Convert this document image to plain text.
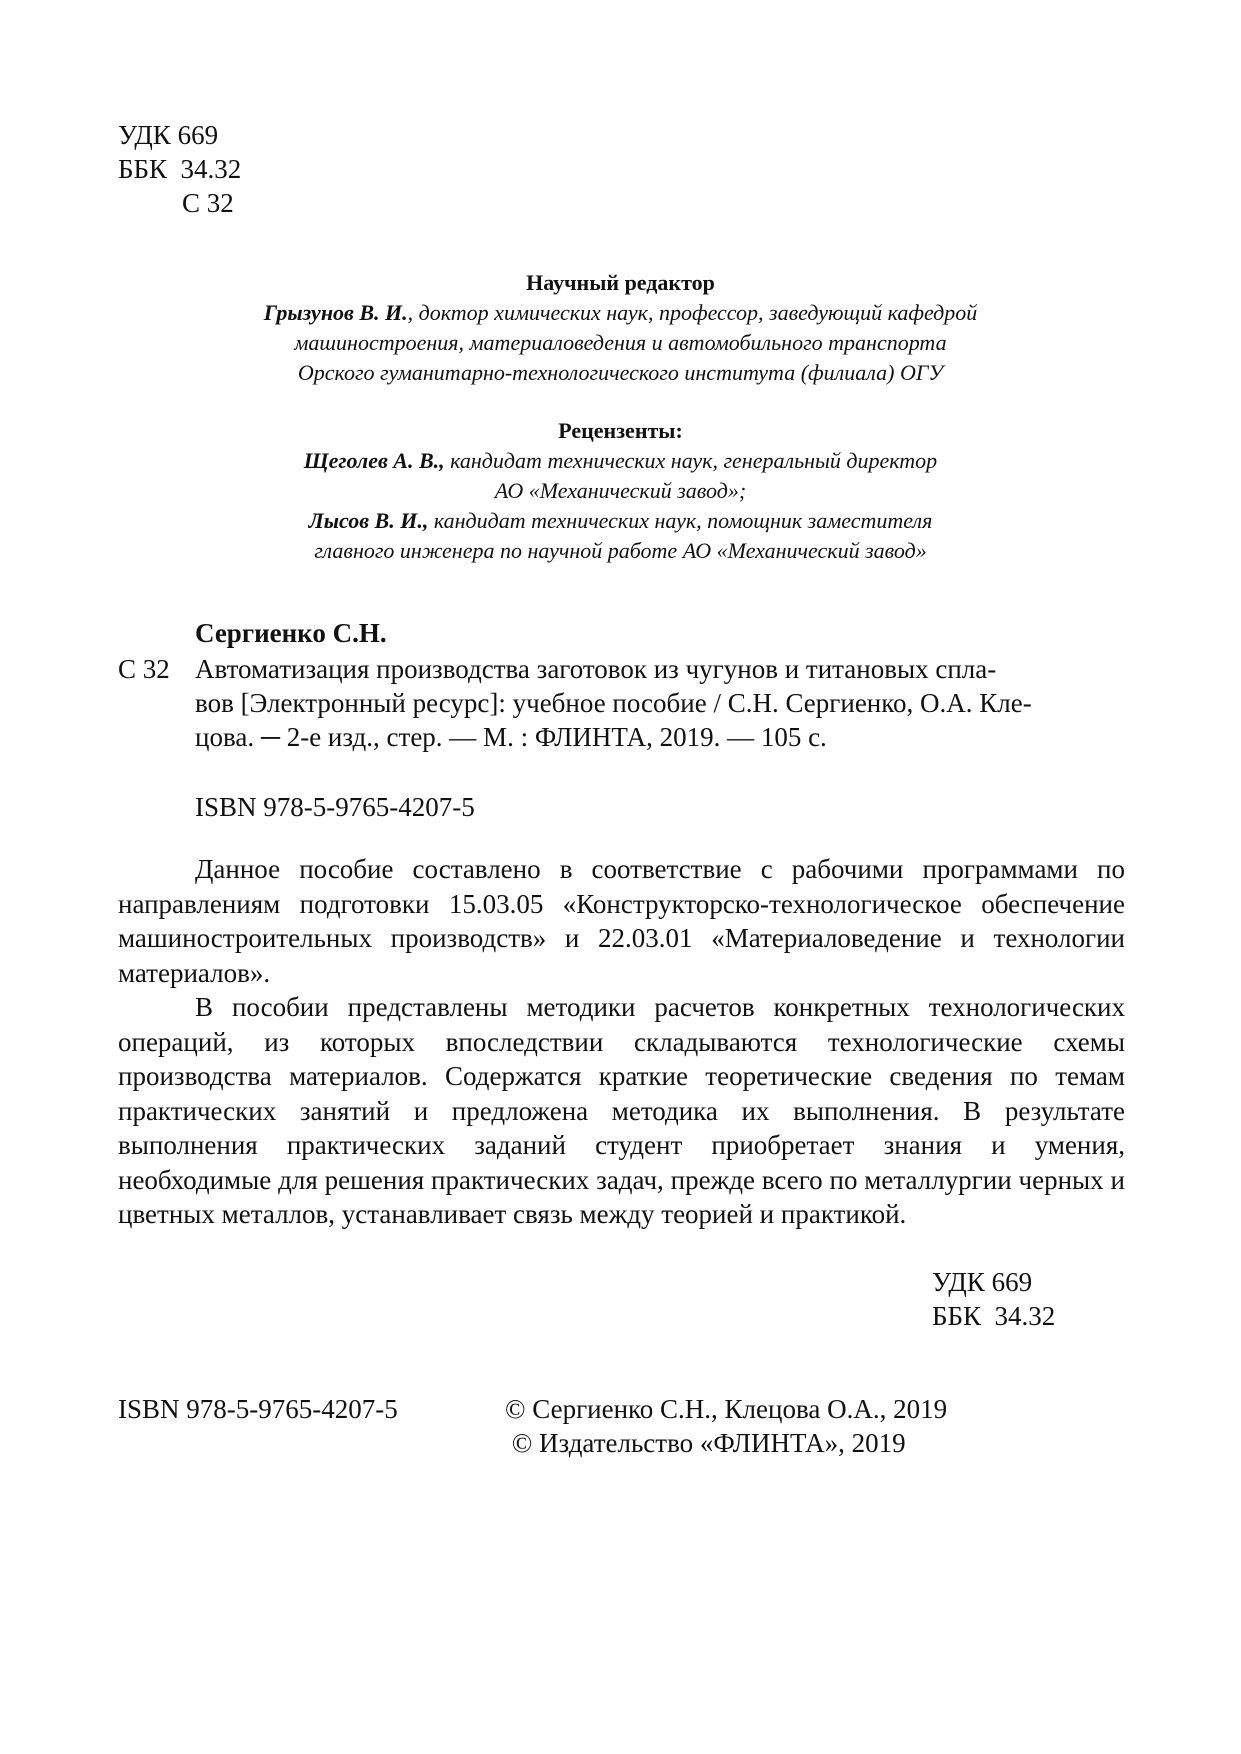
УДК 669
ББК  34.32
С 32
Научный редактор
Грызунов В. И., доктор химических наук, профессор, заведующий кафедрой
машиностроения, материаловедения и автомобильного транспорта
Орского гуманитарно-технологического института (филиала) ОГУ
Рецензенты:
Щеголев А. В., кандидат технических наук, генеральный директор
АО «Механический завод»;
Лысов В. И., кандидат технических наук, помощник заместителя
главного инженера по научной работе АО «Механический завод»
Сергиенко С.Н.
С 32 Автоматизация производства заготовок из чугунов и титановых спла-
вов [Электронный ресурс]: учебное пособие / С.Н. Сергиенко, О.А. Кле-
цова. ─ 2-е изд., стер. — М. : ФЛИНТА, 2019. — 105 с.
ISBN 978-5-9765-4207-5

Данное пособие составлено в соответствие с рабочими программами по направлениям подготовки 15.03.05 «Конструкторско-технологическое обеспечение машиностроительных производств» и 22.03.01 «Материаловедение и технологии материалов».

В пособии представлены методики расчетов конкретных технологических операций, из которых впоследствии складываются технологические схемы производства материалов. Содержатся краткие теоретические сведения по темам практических занятий и предложена методика их выполнения. В результате выполнения практических заданий студент приобретает знания и умения, необходимые для решения практических задач, прежде всего по металлургии черных и цветных металлов, устанавливает связь между теорией и практикой.

УДК 669
ББК  34.32
ISBN 978-5-9765-4207-5	© Сергиенко С.Н., Клецова О.А., 2019
© Издательство «ФЛИНТА», 2019
